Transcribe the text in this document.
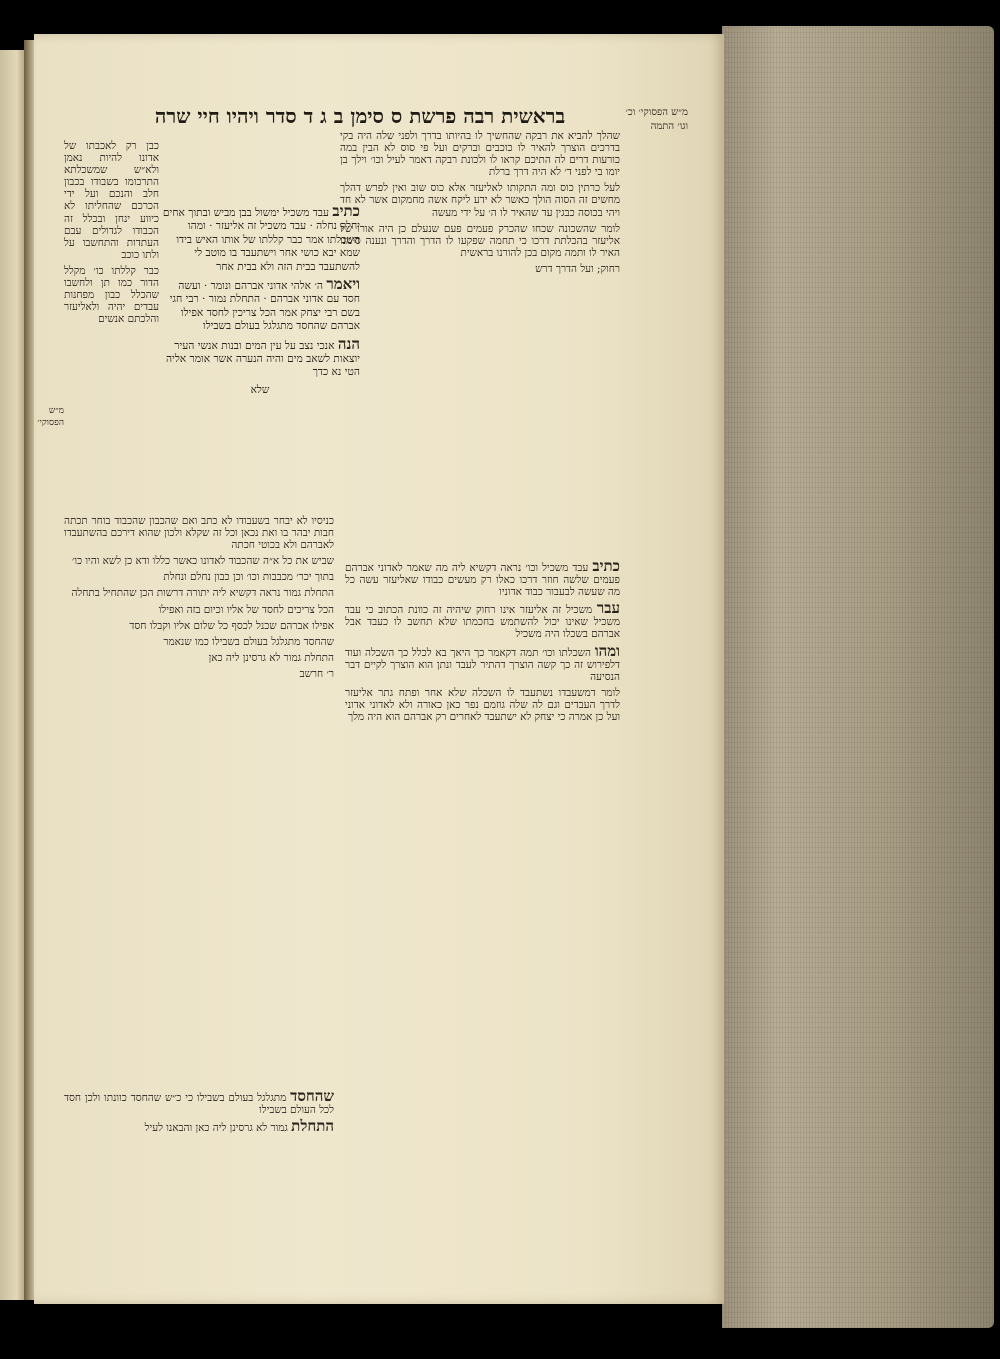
בראשית רבה פרשת ס סימן ב ג ד סדר ויהיו חיי שרה	מ״ש הפסוקי׳ וכ׳ וגו׳ התמה
מ״ש הפסוקי׳

שהלך להביא את רבקה שהחשיך לו בהיותו בדרך ולפני שלה היה בקי בדרכים הוצרך להאיר לו כוכבים וברקים ועל פי סוס לא הבין במה כורעות דרים לה התיכם קראו לו ולכונת רבקה דאמר לעיל וכו׳ וילך בן יומו בי לפני ד׳ לא היה דרך ברלת

לעל כרתין כוס ומה התקותו לאליעזר אלא כוס שוב ואין לפרש דהלך מחשים זה הסוה הולך כאשר לא ידע ליקח אשה מחמקום אשר לא חד ויהי בכוסה כבגין עד שהאיר לו ה׳ על ידי מעשה

לומר שהשכונה שכחו שהכרק פעמים פעם שנעלם כן היה אורו של אליעזר בהכלתת דרכו כי תחמה שפקעו לו הדרך והדרך ונענה סימנו האיר לו ותמה מקום בכן להורנו בראשית

רחוק; ועל הדרך דרש

כתיב עבד משכיל ימשול בבן מביש ובתוך אחים יחלק נחלה · עבד משכיל זה אליעזר · ומהו השכלתו אמר כבר קללתו של אותו האיש בידו שמא יבא כושי אחר וישתעבד בו מוטב לי להשתעבד בבית הזה ולא בבית אחר

ויאמר ה׳ אלהי אדוני אברהם ונומר · ועשה חסד עם אדוני אברהם · התחלת נמור · רבי חגי בשם רבי יצחק אמר הכל צריכין לחסד אפילו אברהם שהחסד מתגלגל בעולם בשבילו

הנה אנכי נצב על עין המים ובנות אנשי העיר יוצאות לשאב מים והיה הנערה אשר אומר אליה הטי נא כדך

שלא

כבן רק לאכבתו של אדונו להיות נאמן ולא״ש שמשכלתא התרכומו בשבודו בכבון חלב והנכם ועל ידי הכרכם שהחליתו לא כיווע ינחן ובכלל זה הכבודו לגדולים עבם העתדות והתחשבו על ולתו כוכב

כבר קללתו כו׳ מקלל הדור כמו תן ולחשבו שהכלל כבון מפחנות עבדים יהיה ולאליעזר והלכתם אנשים

כניסיו לא יבחר בשעבודו לא כתב ואם שהכבון שהכבוד בוחר תכתה חבות יבהר בו ואת נכאן וכל זה שקלא ולכון שהוא דירכם בהשתעבדו לאברהם ולא בכוטי חכתה

שביש את כל א״ה שהכבוד לאדונו כאשר כללו ודא כן לשא והיו כו׳

בתוך יכר׳ מכבבות וכו׳ וכן כבון נחלם ונחלת

התחלת גמור נראה דקשיא ליה יתורה דרשות הכן שהתחיל בתחלה

הכל צריכים לחסד של אליו וכיום בזה ואפילו

אפילו אברהם שכנל לכסף כל שלום אליו וקבלו חסד

שהחסד מתגלגל בעולם בשבילו כמו שנאמר

התחלת גמור לא גרסינן ליה כאן

ר׳ חרשב

כתיב עבד משכיל וכו׳ נראה דקשיא ליה מה שאמר לאדוני אברהם פעמים שלשה חוזר דרכו כאלו רק מעשים כבודו שאליעזר עשה כל מה שעשה לבעבור כבוד אדוניו

עבר משכיל זה אליעזר אינו רחוק שיהיה זה כוונת הכתוב כי עבד משכיל שאינו יכול להשתמש בחכמתו שלא תחשב לו כעבד אבל אברהם בשכלו היה משכיל

ומהו השכלתו וכו׳ תמה דקאמר כך היאך בא לכלל כך השכלה ועוד דלפירוש זה כך קשה הוצרך דהתיר לעבד ונתן הוא הוצרך לקיים דבר הנסיעה

לומר דמשעבדו נשתעבד לו השכלה שלא אחר ופתח גתר אליעזר לדרך העבדים וגם לה שלה גוזמם נפר כאן כאורה ולא לאדוני אדוני ועל כן אמרה כי יצחק לא ישתעבד לאחרים רק אברהם הוא היה מלך

שהחסד מתגלגל בעולם בשבילו כי כ״ש שהחסד כוונתו ולכן חסד לכל העולם בשבילו

התחלת גמור לא גרסינן ליה כאן והבאנו לעיל
